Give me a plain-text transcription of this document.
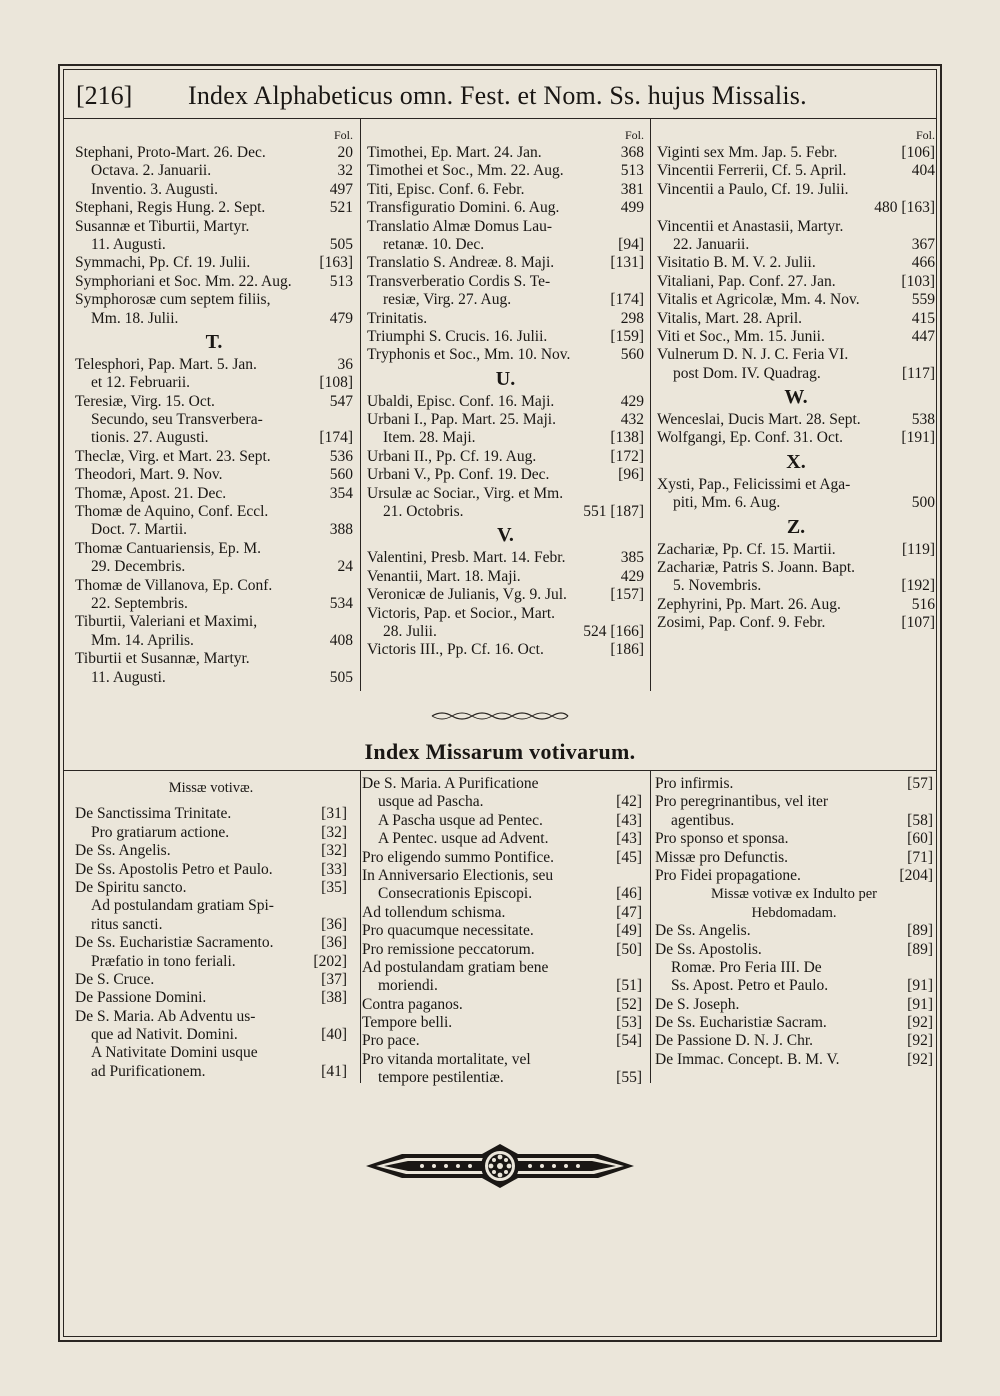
[216] Index Alphabeticus omn. Fest. et Nom. Ss. hujus Missalis.
Fol.
Stephani, Proto-Mart. 26. Dec.	20
Octava. 2. Januarii.	32
Inventio. 3. Augusti.	497
Stephani, Regis Hung. 2. Sept.	521
Susannæ et Tiburtii, Martyr.
11. Augusti.	505
Symmachi, Pp. Cf. 19. Julii.	[163]
Symphoriani et Soc. Mm. 22. Aug. 513
Symphorosæ cum septem filiis,
Mm. 18. Julii.	479
T.
Telesphori, Pap. Mart. 5. Jan.	36
et 12. Februarii.	[108]
Teresiæ, Virg. 15. Oct.	547
Secundo, seu Transverbera-
tionis. 27. Augusti.	[174]
Theclæ, Virg. et Mart. 23. Sept.	536
Theodori, Mart. 9. Nov.	560
Thomæ, Apost. 21. Dec.	354
Thomæ de Aquino, Conf. Eccl.
Doct. 7. Martii.	388
Thomæ Cantuariensis, Ep. M.
29. Decembris.	24
Thomæ de Villanova, Ep. Conf.
22. Septembris.	534
Tiburtii, Valeriani et Maximi,
Mm. 14. Aprilis.	408
Tiburtii et Susannæ, Martyr.
11. Augusti.	505
Fol.
Timothei, Ep. Mart. 24. Jan.	368
Timothei et Soc., Mm. 22. Aug.	513
Titi, Episc. Conf. 6. Febr.	381
Transfiguratio Domini. 6. Aug.	499
Translatio Almæ Domus Lau-
retanæ. 10. Dec.	[94]
Translatio S. Andreæ. 8. Maji.	[131]
Transverberatio Cordis S. Te-
resiæ, Virg. 27. Aug.	[174]
Trinitatis.	298
Triumphi S. Crucis. 16. Julii.	[159]
Tryphonis et Soc., Mm. 10. Nov.	560
U.
Ubaldi, Episc. Conf. 16. Maji.	429
Urbani I., Pap. Mart. 25. Maji.	432
Item. 28. Maji.	[138]
Urbani II., Pp. Cf. 19. Aug.	[172]
Urbani V., Pp. Conf. 19. Dec.	[96]
Ursulæ ac Sociar., Virg. et Mm.
21. Octobris.	551 [187]
V.
Valentini, Presb. Mart. 14. Febr.	385
Venantii, Mart. 18. Maji.	429
Veronicæ de Julianis, Vg. 9. Jul.	[157]
Victoris, Pap. et Socior., Mart.
28. Julii.	524 [166]
Victoris III., Pp. Cf. 16. Oct.	[186]
Fol.
Viginti sex Mm. Jap. 5. Febr.	[106]
Vincentii Ferrerii, Cf. 5. April.	404
Vincentii a Paulo, Cf. 19. Julii.
480 [163]
Vincentii et Anastasii, Martyr.
22. Januarii.	367
Visitatio B. M. V. 2. Julii.	466
Vitaliani, Pap. Conf. 27. Jan.	[103]
Vitalis et Agricolæ, Mm. 4. Nov.	559
Vitalis, Mart. 28. April.	415
Viti et Soc., Mm. 15. Junii.	447
Vulnerum D. N. J. C. Feria VI.
post Dom. IV. Quadrag.	[117]
W.
Wenceslai, Ducis Mart. 28. Sept.	538
Wolfgangi, Ep. Conf. 31. Oct.	[191]
X.
Xysti, Pap., Felicissimi et Aga-
piti, Mm. 6. Aug.	500
Z.
Zachariæ, Pp. Cf. 15. Martii.	[119]
Zachariæ, Patris S. Joann. Bapt.
5. Novembris.	[192]
Zephyrini, Pp. Mart. 26. Aug.	516
Zosimi, Pap. Conf. 9. Febr.	[107]
Index Missarum votivarum.
Missæ votivæ.
De Sanctissima Trinitate.	[31]
Pro gratiarum actione.	[32]
De Ss. Angelis.	[32]
De Ss. Apostolis Petro et Paulo.	[33]
De Spiritu sancto.	[35]
Ad postulandam gratiam Spi-
ritus sancti.	[36]
De Ss. Eucharistiæ Sacramento.	[36]
Præfatio in tono feriali.	[202]
De S. Cruce.	[37]
De Passione Domini.	[38]
De S. Maria. Ab Adventu us-
que ad Nativit. Domini.	[40]
A Nativitate Domini usque
ad Purificationem.	[41]
De S. Maria. A Purificatione
usque ad Pascha.	[42]
A Pascha usque ad Pentec.	[43]
A Pentec. usque ad Advent.	[43]
Pro eligendo summo Pontifice.	[45]
In Anniversario Electionis, seu
Consecrationis Episcopi.	[46]
Ad tollendum schisma.	[47]
Pro quacumque necessitate.	[49]
Pro remissione peccatorum.	[50]
Ad postulandam gratiam bene
moriendi.	[51]
Contra paganos.	[52]
Tempore belli.	[53]
Pro pace.	[54]
Pro vitanda mortalitate, vel
tempore pestilentiæ.	[55]
Pro infirmis.	[57]
Pro peregrinantibus, vel iter
agentibus.	[58]
Pro sponso et sponsa.	[60]
Missæ pro Defunctis.	[71]
Pro Fidei propagatione.	[204]
Missæ votivæ ex Indulto per
Hebdomadam.
De Ss. Angelis.	[89]
De Ss. Apostolis.	[89]
Romæ. Pro Feria III. De
Ss. Apost. Petro et Paulo.	[91]
De S. Joseph.	[91]
De Ss. Eucharistiæ Sacram.	[92]
De Passione D. N. J. Chr.	[92]
De Immac. Concept. B. M. V.	[92]
